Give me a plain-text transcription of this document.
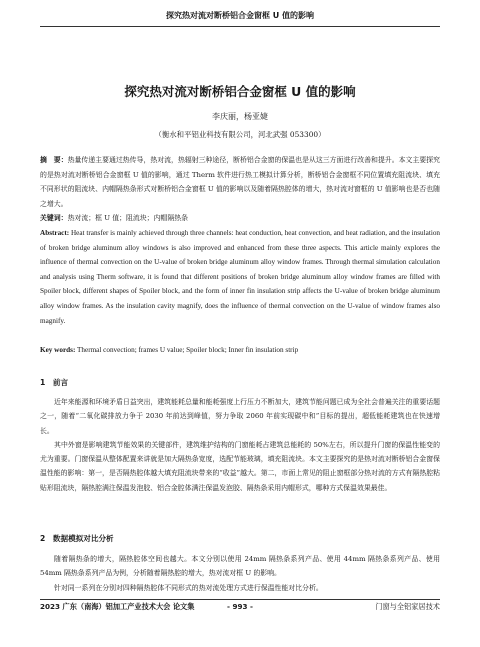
探究热对流对断桥铝合金窗框 U 值的影响
探究热对流对断桥铝合金窗框 U 值的影响
李庆丽，杨亚婕
（衡水和平铝业科技有限公司，河北武强 053300）
摘　要：热量传递主要通过热传导，热对流，热辐射三种途径，断桥铝合金窗的保温也是从这三方面进行改善和提升。本文主要探究的是热对流对断桥铝合金窗框 U 值的影响，通过 Therm 软件进行热工模拟计算分析，断桥铝合金窗框不同位置填充阻流块、填充不同形状的阻流块、内帽隔热条形式对断桥铝合金窗框 U 值的影响以及随着隔热腔体的增大，热对流对窗框的 U 值影响也是否也随之增大。
关键词：热对流；框 U 值；阻流块；内帽隔热条
Abstract: Heat transfer is mainly achieved through three channels: heat conduction, heat convection, and heat radiation, and the insulation of broken bridge aluminum alloy windows is also improved and enhanced from these three aspects. This article mainly explores the influence of thermal convection on the U-value of broken bridge aluminum alloy window frames. Through thermal simulation calculation and analysis using Therm software, it is found that different positions of broken bridge aluminum alloy window frames are filled with Spoiler block, different shapes of Spoiler block, and the form of inner fin insulation strip affects the U-value of broken bridge aluminum alloy window frames. As the insulation cavity magnify, does the influence of thermal convection on the U-value of window frames also magnify.
Key words: Thermal convection; frames U value; Spoiler block; Inner fin insulation strip
1　前言

近年来能源和环境矛盾日益突出，建筑能耗总量和能耗强度上行压力不断加大，建筑节能问题已成为全社会普遍关注的重要话题之一，随着“二氧化碳排放力争于 2030 年前达到峰值，努力争取 2060 年前实现碳中和”目标的提出，超低能耗建筑也在快速增长。

其中外窗是影响建筑节能效果的关键部件，建筑维护结构的门窗能耗占建筑总能耗的 50%左右，所以提升门窗的保温性能变的尤为重要。门窗保温从整体配置来讲就是加大隔热条宽度，选配节能玻璃，填充阻流块。本文主要探究的是热对流对断桥铝合金窗保温性能的影响：第一，是否隔热腔体越大填充阻流块带来的“收益”越大。第二，市面上常见的阻止窗框部分热对流的方式有隔热腔粘贴形阻流块，隔热腔满注保温发泡胶、铝合金腔体满注保温发泡胶、隔热条采用内帽形式，哪种方式保温效果最佳。

2　数据模拟对比分析

随着隔热条的增大，隔热腔体空间也越大。本文分别以使用 24mm 隔热条系列产品、使用 44mm 隔热条系列产品、使用 54mm 隔热条系列产品为例，分析随着隔热腔的增大，热对流对框 U 的影响。

针对同一系列在分别对四种隔热腔体不同形式的热对流处理方式进行保温性能对比分析。

2023 广东（南海）铝加工产业技术大会 论文集	- 993 -	门窗与全铝家居技术
